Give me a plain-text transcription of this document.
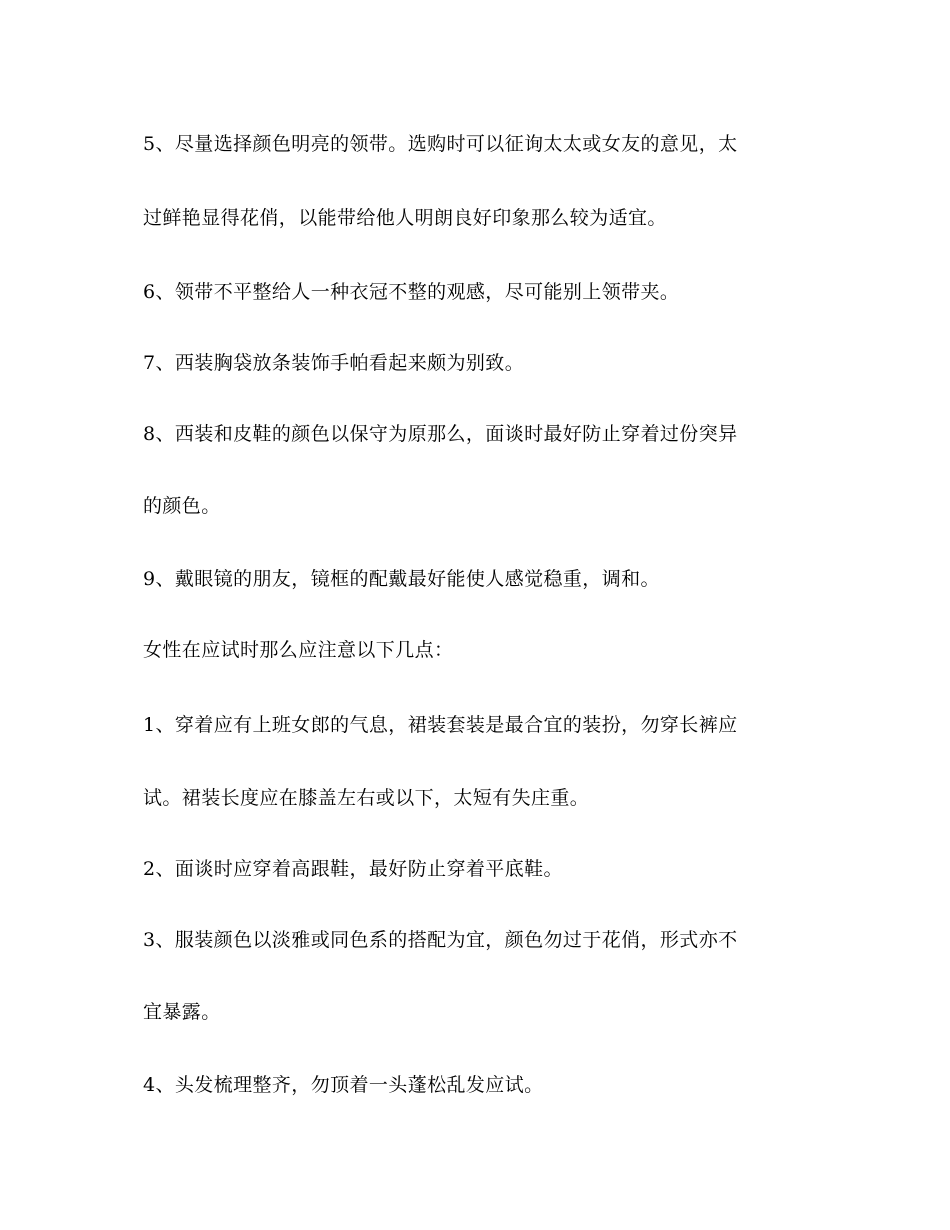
5、尽量选择颜色明亮的领带。选购时可以征询太太或女友的意见，太

过鲜艳显得花俏，以能带给他人明朗良好印象那么较为适宜。

6、领带不平整给人一种衣冠不整的观感，尽可能别上领带夹。

7、西装胸袋放条装饰手帕看起来颇为别致。

8、西装和皮鞋的颜色以保守为原那么，面谈时最好防止穿着过份突异

的颜色。

9、戴眼镜的朋友，镜框的配戴最好能使人感觉稳重，调和。

女性在应试时那么应注意以下几点：

1、穿着应有上班女郎的气息，裙装套装是最合宜的装扮，勿穿长裤应

试。裙装长度应在膝盖左右或以下，太短有失庄重。

2、面谈时应穿着高跟鞋，最好防止穿着平底鞋。

3、服装颜色以淡雅或同色系的搭配为宜，颜色勿过于花俏，形式亦不

宜暴露。

4、头发梳理整齐，勿顶着一头蓬松乱发应试。
